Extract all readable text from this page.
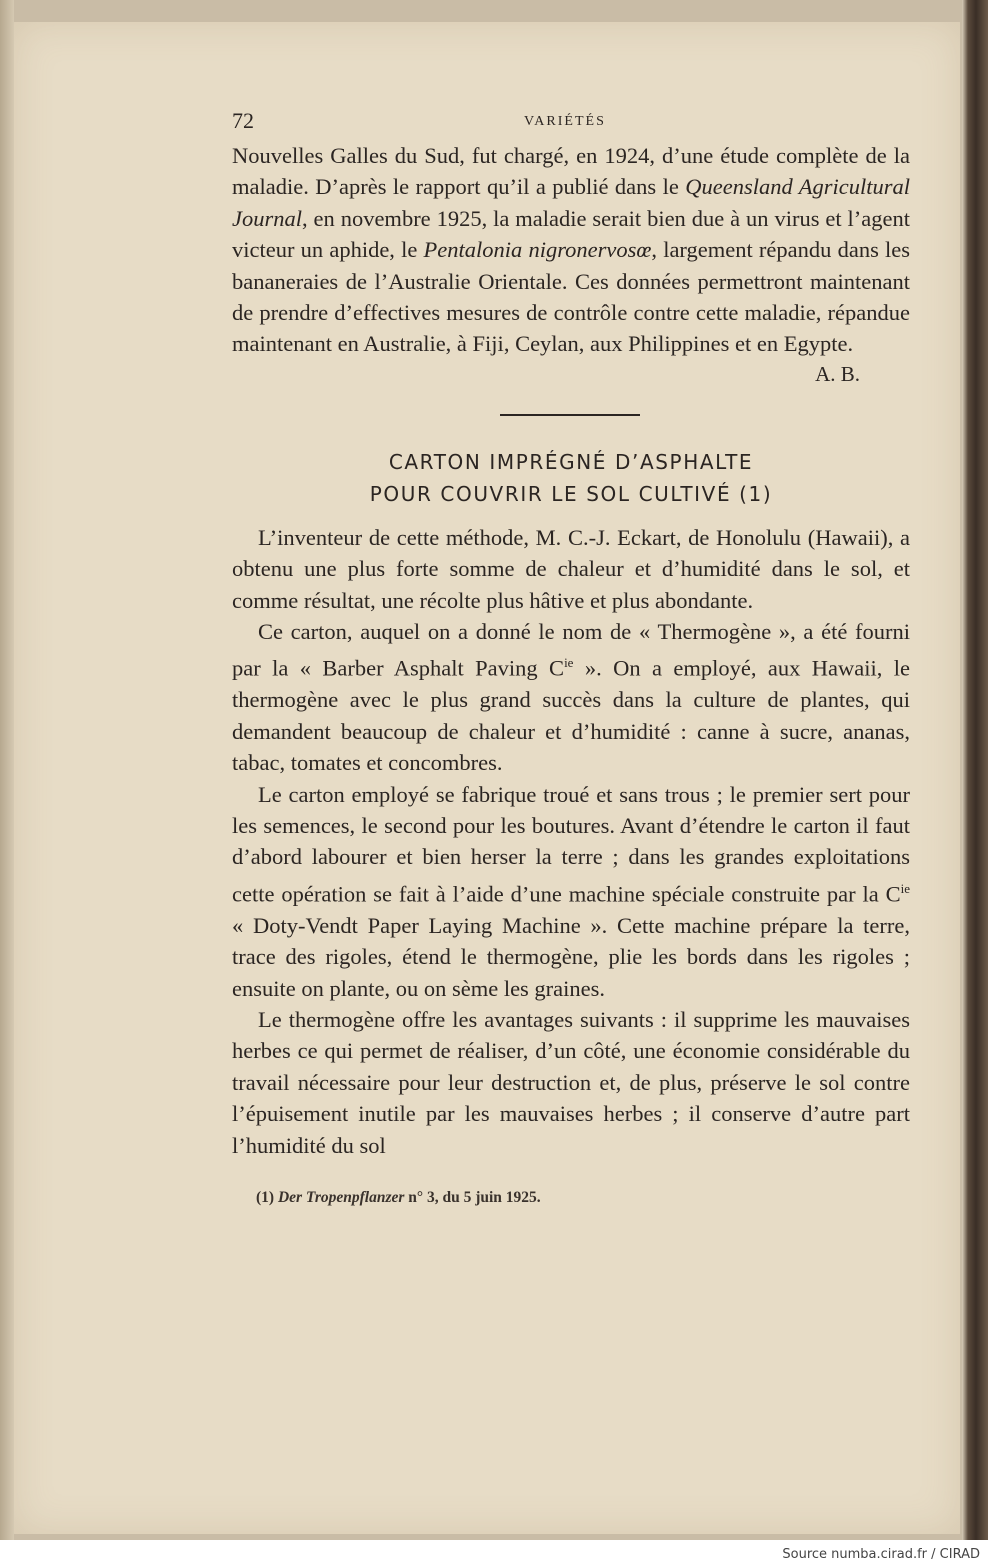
72	VARIÉTÉS

Nouvelles Galles du Sud, fut chargé, en 1924, d’une étude complète de la maladie. D’après le rapport qu’il a publié dans le Queensland Agricultural Journal, en novembre 1925, la maladie serait bien due à un virus et l’agent victeur un aphide, le Pentalonia nigronervosœ, largement répandu dans les bananeraies de l’Australie Orientale. Ces données permettront maintenant de prendre d’effectives mesures de contrôle contre cette maladie, répandue maintenant en Australie, à Fiji, Ceylan, aux Philippines et en Egypte.

A. B.
CARTON IMPRÉGNÉ D’ASPHALTE
POUR COUVRIR LE SOL CULTIVÉ (1)

L’inventeur de cette méthode, M. C.-J. Eckart, de Honolulu (Hawaii), a obtenu une plus forte somme de chaleur et d’humidité dans le sol, et comme résultat, une récolte plus hâtive et plus abondante.

Ce carton, auquel on a donné le nom de « Thermogène », a été fourni par la « Barber Asphalt Paving $C^{ie}$ ». On a employé, aux Hawaii, le thermogène avec le plus grand succès dans la culture de plantes, qui demandent beaucoup de chaleur et d’humidité : canne à sucre, ananas, tabac, tomates et concombres.

Le carton employé se fabrique troué et sans trous ; le premier sert pour les semences, le second pour les boutures. Avant d’étendre le carton il faut d’abord labourer et bien herser la terre ; dans les grandes exploitations cette opération se fait à l’aide d’une machine spéciale construite par la $C^{ie}$ « Doty-Vendt Paper Laying Machine ». Cette machine prépare la terre, trace des rigoles, étend le thermogène, plie les bords dans les rigoles ; ensuite on plante, ou on sème les graines.

Le thermogène offre les avantages suivants : il supprime les mauvaises herbes ce qui permet de réaliser, d’un côté, une économie considérable du travail nécessaire pour leur destruction et, de plus, préserve le sol contre l’épuisement inutile par les mauvaises herbes ; il conserve d’autre part l’humidité du sol

(1) Der Tropenpflanzer n° 3, du 5 juin 1925.
Source numba.cirad.fr / CIRAD
